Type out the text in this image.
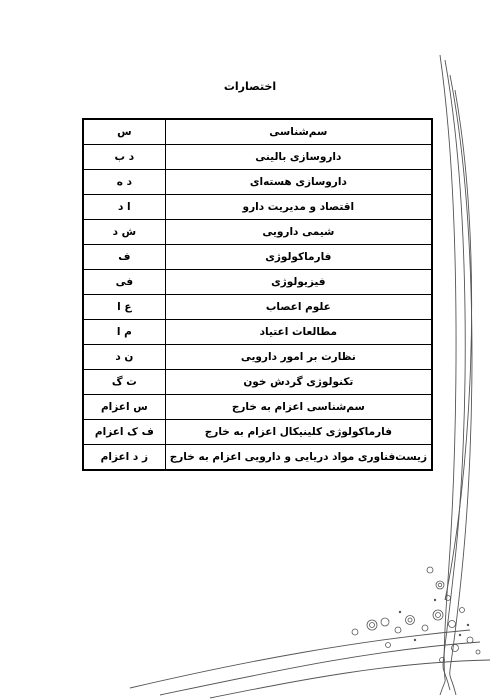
اختصارات
سم‌شناسی	س
داروسازی بالینی	د ب
داروسازی هسته‌ای	د ه
اقتصاد و مدیریت دارو	ا د
شیمی دارویی	ش د
فارماکولوژی	ف
فیزیولوژی	فی
علوم اعصاب	ع ا
مطالعات اعتیاد	م ا
نظارت بر امور دارویی	ن د
تکنولوژی گردش خون	ت گ
سم‌شناسی اعزام به خارج	س اعزام
فارماکولوژی کلینیکال اعزام به خارج	ف ک اعزام
زیست‌فناوری مواد دریایی و دارویی اعزام به خارج	ز د اعزام
